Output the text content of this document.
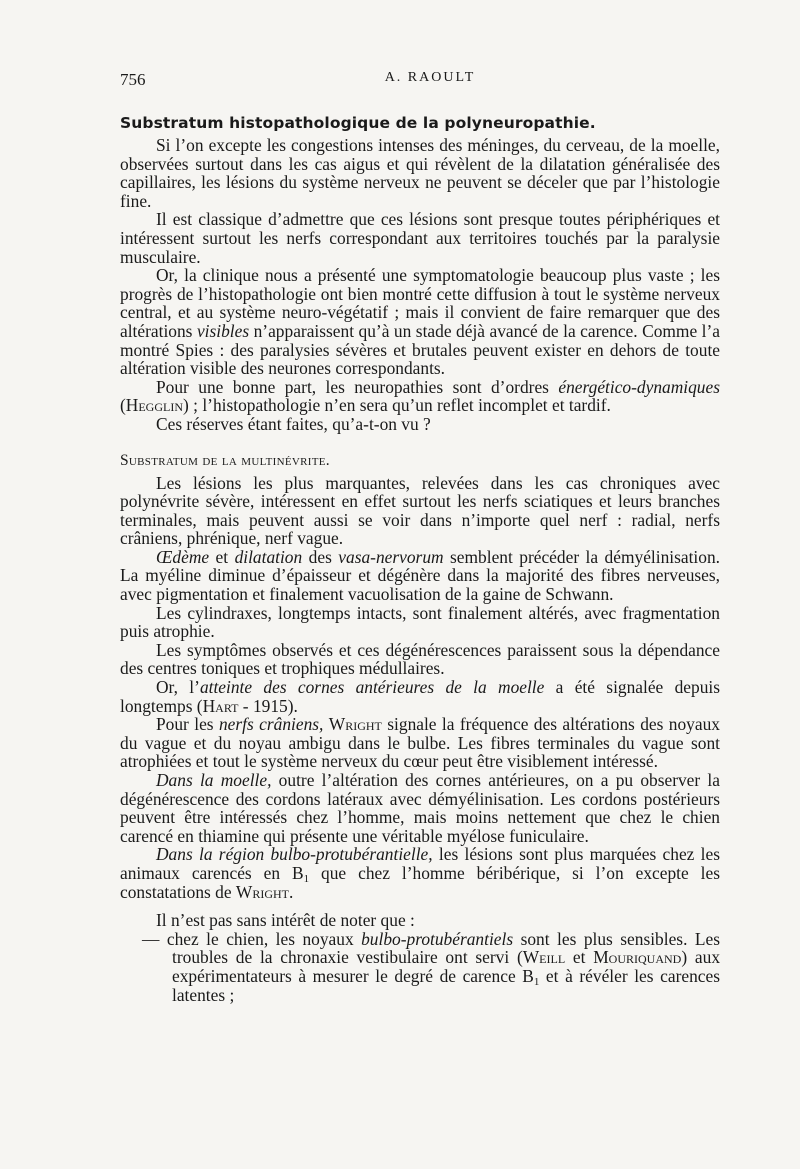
756	A. RAOULT
Substratum histopathologique de la polyneuropathie.

Si l’on excepte les congestions intenses des méninges, du cerveau, de la moelle, observées surtout dans les cas aigus et qui révèlent de la dilatation généralisée des capillaires, les lésions du système nerveux ne peuvent se déceler que par l’histologie fine.

Il est classique d’admettre que ces lésions sont presque toutes périphériques et intéressent surtout les nerfs correspondant aux territoires touchés par la paralysie musculaire.

Or, la clinique nous a présenté une symptomatologie beaucoup plus vaste ; les progrès de l’histopathologie ont bien montré cette diffusion à tout le système nerveux central, et au système neuro-végétatif ; mais il convient de faire remarquer que des altérations visibles n’apparaissent qu’à un stade déjà avancé de la carence. Comme l’a montré Spies : des paralysies sévères et brutales peuvent exister en dehors de toute altération visible des neurones correspondants.

Pour une bonne part, les neuropathies sont d’ordres énergético-dynamiques (Hegglin) ; l’histopathologie n’en sera qu’un reflet incomplet et tardif.

Ces réserves étant faites, qu’a-t-on vu ?

Substratum de la multinévrite.

Les lésions les plus marquantes, relevées dans les cas chroniques avec polynévrite sévère, intéressent en effet surtout les nerfs sciatiques et leurs branches terminales, mais peuvent aussi se voir dans n’importe quel nerf : radial, nerfs crâniens, phrénique, nerf vague.

Œdème et dilatation des vasa-nervorum semblent précéder la démyélinisation. La myéline diminue d’épaisseur et dégénère dans la majorité des fibres nerveuses, avec pigmentation et finalement vacuolisation de la gaine de Schwann.

Les cylindraxes, longtemps intacts, sont finalement altérés, avec fragmentation puis atrophie.

Les symptômes observés et ces dégénérescences paraissent sous la dépendance des centres toniques et trophiques médullaires.

Or, l’atteinte des cornes antérieures de la moelle a été signalée depuis longtemps (Hart - 1915).

Pour les nerfs crâniens, Wright signale la fréquence des altérations des noyaux du vague et du noyau ambigu dans le bulbe. Les fibres terminales du vague sont atrophiées et tout le système nerveux du cœur peut être visiblement intéressé.

Dans la moelle, outre l’altération des cornes antérieures, on a pu observer la dégénérescence des cordons latéraux avec démyélinisation. Les cordons postérieurs peuvent être intéressés chez l’homme, mais moins nettement que chez le chien carencé en thiamine qui présente une véritable myélose funiculaire.

Dans la région bulbo-protubérantielle, les lésions sont plus marquées chez les animaux carencés en $B_1$ que chez l’homme béribérique, si l’on excepte les constatations de Wright.

Il n’est pas sans intérêt de noter que :

— chez le chien, les noyaux bulbo-protubérantiels sont les plus sensibles. Les troubles de la chronaxie vestibulaire ont servi (Weill et Mouriquand) aux expérimentateurs à mesurer le degré de carence $B_1$ et à révéler les carences latentes ;
